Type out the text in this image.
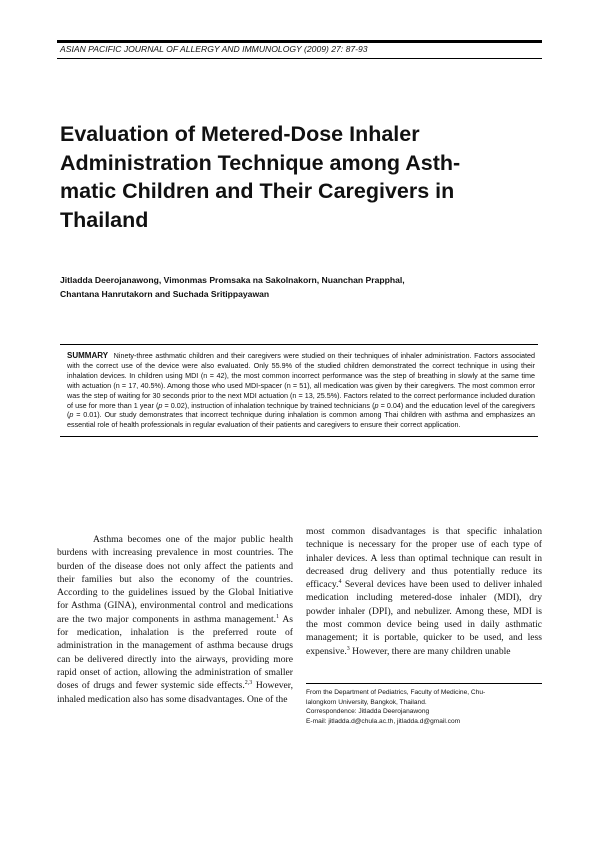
ASIAN PACIFIC JOURNAL OF ALLERGY AND IMMUNOLOGY (2009) 27: 87-93
Evaluation of Metered-Dose Inhaler
Administration Technique among Asth-
matic Children and Their Caregivers in
Thailand
Jitladda Deerojanawong, Vimonmas Promsaka na Sakolnakorn, Nuanchan Prapphal,
Chantana Hanrutakorn and Suchada Sritippayawan
SUMMARY Ninety-three asthmatic children and their caregivers were studied on their techniques of inhaler administration. Factors associated with the correct use of the device were also evaluated. Only 55.9% of the studied children demonstrated the correct technique in using their inhalation devices. In children using MDI (n = 42), the most common incorrect performance was the step of breathing in slowly at the same time with actuation (n = 17, 40.5%). Among those who used MDI-spacer (n = 51), all medication was given by their caregivers. The most common error was the step of waiting for 30 seconds prior to the next MDI actuation (n = 13, 25.5%). Factors related to the correct performance included duration of use for more than 1 year (p = 0.02), instruction of inhalation technique by trained technicians (p = 0.04) and the education level of the caregivers (p = 0.01). Our study demonstrates that incorrect technique during inhalation is common among Thai children with asthma and emphasizes an essential role of health professionals in regular evaluation of their patients and caregivers to ensure their correct application.

Asthma becomes one of the major public health burdens with increasing prevalence in most countries. The burden of the disease does not only affect the patients and their families but also the economy of the countries. According to the guidelines issued by the Global Initiative for Asthma (GINA), environmental control and medications are the two major components in asthma management.$^1$ As for medication, inhalation is the preferred route of administration in the management of asthma because drugs can be delivered directly into the airways, providing more rapid onset of action, allowing the administration of smaller doses of drugs and fewer systemic side effects.$^{2,3}$ However, inhaled medication also has some disadvantages. One of the

most common disadvantages is that specific inhalation technique is necessary for the proper use of each type of inhaler devices. A less than optimal technique can result in decreased drug delivery and thus potentially reduce its efficacy.$^4$ Several devices have been used to deliver inhaled medication including metered-dose inhaler (MDI), dry powder inhaler (DPI), and nebulizer. Among these, MDI is the most common device being used in daily asthmatic management; it is portable, quicker to be used, and less expensive.$^3$ However, there are many children unable

From the Department of Pediatrics, Faculty of Medicine, Chu-
lalongkorn University, Bangkok, Thailand.
Correspondence: Jitladda Deerojanawong
E-mail: jitladda.d@chula.ac.th, jitladda.d@gmail.com
